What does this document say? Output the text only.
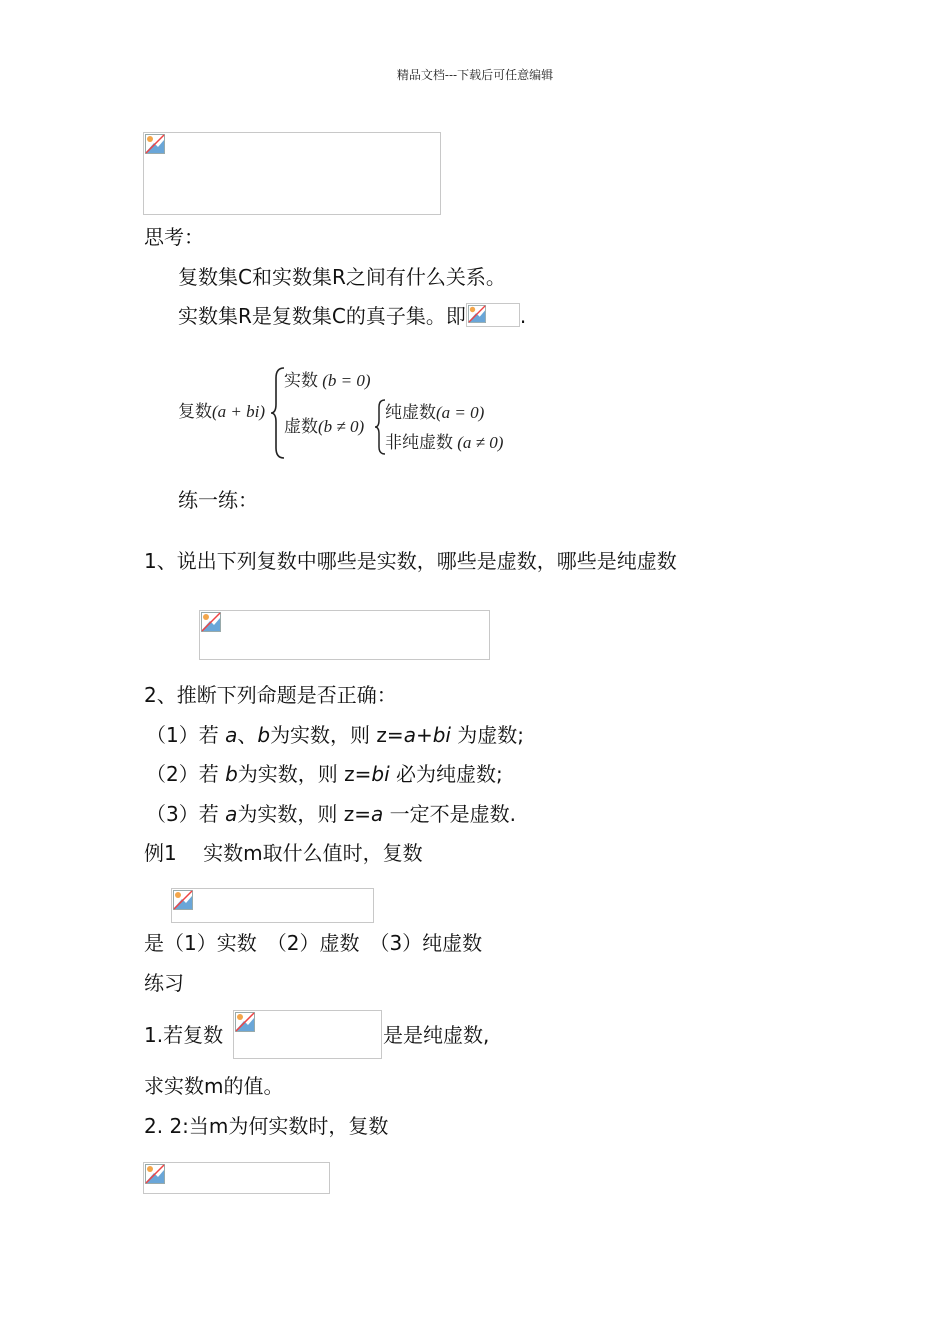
精品文档---下载后可任意编辑
思考：
复数集C和实数集R之间有什么关系。
实数集R是复数集C的真子集。即	.
复数(a + bi)
实数 (b = 0)
虚数(b ≠ 0)
纯虚数(a = 0)
非纯虚数 (a ≠ 0)
练一练：
1、说出下列复数中哪些是实数，哪些是虚数，哪些是纯虚数
2、推断下列命题是否正确：
（1）若 a、b为实数，则 z=a+bi 为虚数;
（2）若 b为实数，则 z=bi 必为纯虚数;
（3）若 a为实数，则 z=a 一定不是虚数.
例1　 实数m取什么值时，复数
是（1）实数　（2）虚数　（3）纯虚数
练习
1.若复数	是是纯虚数,
求实数m的值。
2. 2:当m为何实数时，复数
